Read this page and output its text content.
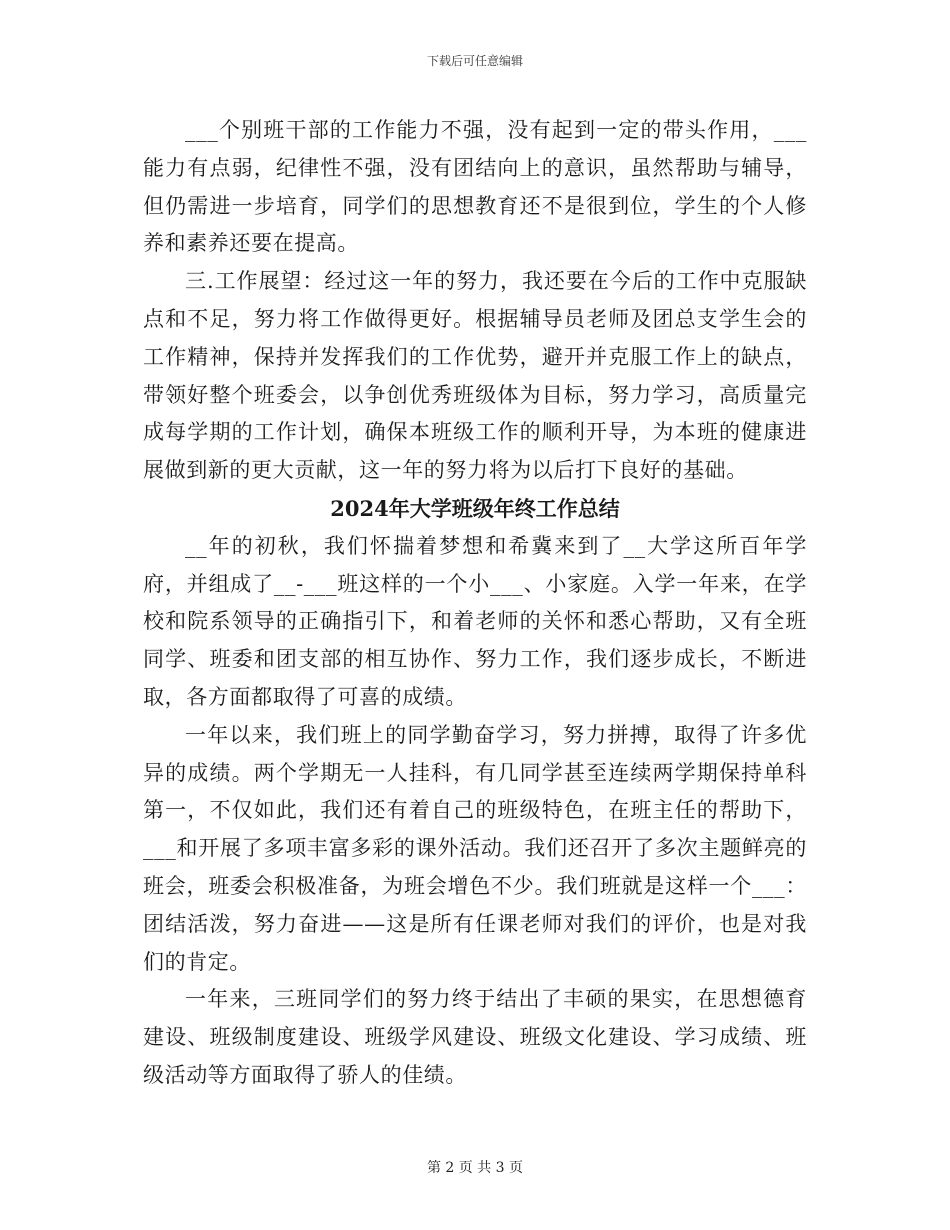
下载后可任意编辑

___个别班干部的工作能力不强，没有起到一定的带头作用，___能力有点弱，纪律性不强，没有团结向上的意识，虽然帮助与辅导，但仍需进一步培育，同学们的思想教育还不是很到位，学生的个人修养和素养还要在提高。

三.工作展望：经过这一年的努力，我还要在今后的工作中克服缺点和不足，努力将工作做得更好。根据辅导员老师及团总支学生会的工作精神，保持并发挥我们的工作优势，避开并克服工作上的缺点，带领好整个班委会，以争创优秀班级体为目标，努力学习，高质量完成每学期的工作计划，确保本班级工作的顺利开导，为本班的健康进展做到新的更大贡献，这一年的努力将为以后打下良好的基础。

2024年大学班级年终工作总结

__年的初秋，我们怀揣着梦想和希冀来到了__大学这所百年学府，并组成了__-___班这样的一个小___、小家庭。入学一年来，在学校和院系领导的正确指引下，和着老师的关怀和悉心帮助，又有全班同学、班委和团支部的相互协作、努力工作，我们逐步成长，不断进取，各方面都取得了可喜的成绩。

一年以来，我们班上的同学勤奋学习，努力拼搏，取得了许多优异的成绩。两个学期无一人挂科，有几同学甚至连续两学期保持单科第一，不仅如此，我们还有着自己的班级特色，在班主任的帮助下，___和开展了多项丰富多彩的课外活动。我们还召开了多次主题鲜亮的班会，班委会积极准备，为班会增色不少。我们班就是这样一个___：团结活泼，努力奋进——这是所有任课老师对我们的评价，也是对我们的肯定。

一年来，三班同学们的努力终于结出了丰硕的果实，在思想德育建设、班级制度建设、班级学风建设、班级文化建设、学习成绩、班级活动等方面取得了骄人的佳绩。

第 2 页 共 3 页
